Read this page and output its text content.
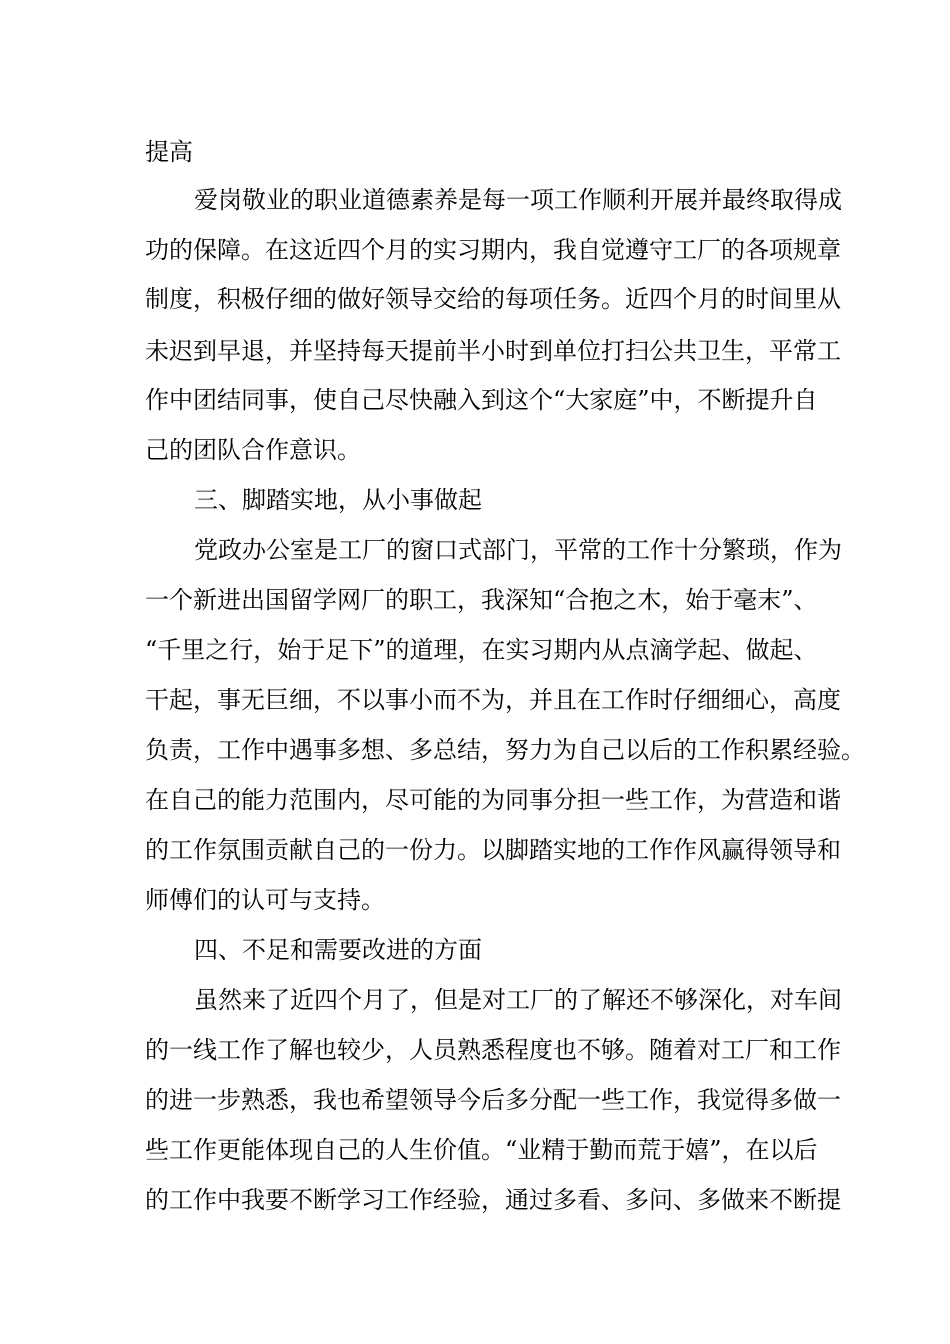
提高
爱岗敬业的职业道德素养是每一项工作顺利开展并最终取得成
功的保障。在这近四个月的实习期内，我自觉遵守工厂的各项规章
制度，积极仔细的做好领导交给的每项任务。近四个月的时间里从
未迟到早退，并坚持每天提前半小时到单位打扫公共卫生，平常工
作中团结同事，使自己尽快融入到这个“大家庭”中，不断提升自
己的团队合作意识。
三、脚踏实地，从小事做起
党政办公室是工厂的窗口式部门，平常的工作十分繁琐，作为
一个新进出国留学网厂的职工，我深知“合抱之木，始于毫末”、
“千里之行，始于足下”的道理，在实习期内从点滴学起、做起、
干起，事无巨细，不以事小而不为，并且在工作时仔细细心，高度
负责，工作中遇事多想、多总结，努力为自己以后的工作积累经验。
在自己的能力范围内，尽可能的为同事分担一些工作，为营造和谐
的工作氛围贡献自己的一份力。以脚踏实地的工作作风赢得领导和
师傅们的认可与支持。
四、不足和需要改进的方面
虽然来了近四个月了，但是对工厂的了解还不够深化，对车间
的一线工作了解也较少，人员熟悉程度也不够。随着对工厂和工作
的进一步熟悉，我也希望领导今后多分配一些工作，我觉得多做一
些工作更能体现自己的人生价值。“业精于勤而荒于嬉”，在以后
的工作中我要不断学习工作经验，通过多看、多问、多做来不断提
